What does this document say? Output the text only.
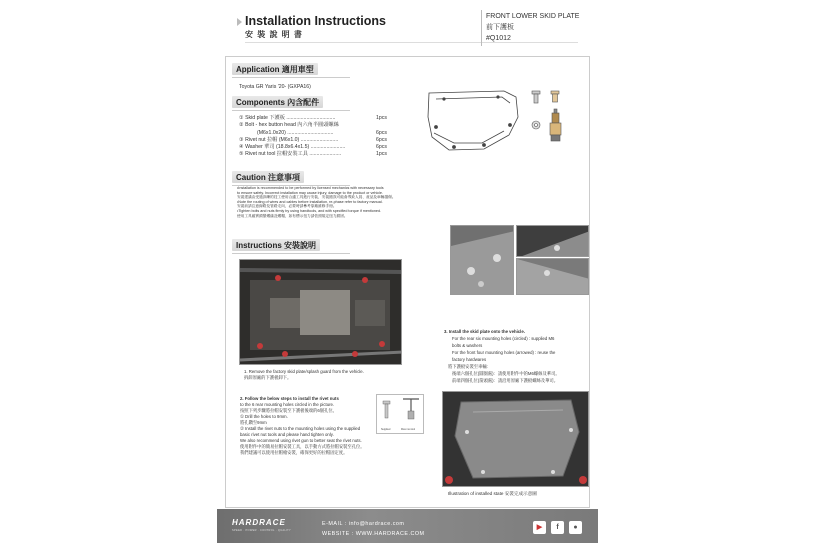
Installation Instructions
安 裝 說 明 書
FRONT LOWER SKID PLATE
前下護板
#Q1012
Application 適用車型
Toyota GR Yaris '20- (GXPA16)
Components 內含配件
① Skid plate 下護板 ..................................	1pcs
② Bolt - hex button head 內六角半圓頭螺絲
(M6x1.0x20) ................................	6pcs
③ Rivet nut 拉帽 (M6x1.0) ..........................	6pcs
④ Washer 華司 (18.8x6.4x1.5) ........................	6pcs
⑤ Rivet nut tool 拉帽安裝工具 ......................	1pcs
Caution 注意事項
•Installation is recommended to be performed by licensed mechanics with necessary tools
to ensure safety. Incorrect installation may cause injury, damage to the product or vehicle.
安裝建議由受過訓練的技工使用合適工具進行安裝，安裝錯誤可能會導致人員、產品及車輛損傷。
•Note the routing of wires and cables before installation, re-phase refer to factory manual.
安裝前請注意線路及管路走向，必要時請參考原廠維修手冊。
•Tighten bolts and nuts firmly by using handtools, and with specified torque if mentioned.
使用工具確實鎖緊螺絲及螺帽，如有標示扭力請依照規定扭力鎖固。
Instructions 安裝說明
1. Remove the factory skid plate/splash guard from the vehicle.
拆卸原廠的下護板卸下。
2. Follow the below steps to install the rivet nuts
to the 6 rear mounting holes circled in the picture.
按照下列步驟將拉帽安裝至下護板後端的6個孔位。
① Drill the holes to 9mm.
將孔鑽至9mm
② Install the rivet nuts to the mounting holes using the supplied
basic rivet nut tools and please hand tighten only.
We also recommend using rivet gun to better seat the rivet nuts.
使用附件中的簡易拉帽安裝工具，以手動方式將拉帽安裝至孔位。
我們建議可以使用拉帽槍安裝，確保更好的拉帽固定度。
Supplied	Rivet nut tool
3. Install the skid plate onto the vehicle.
For the rear six mounting holes (circled) : supplied M6
bolts & washers
For the front four mounting holes (arrowed) : reuse the
factory hardwares
將下護板安裝至車輛：
後端六個孔位(圓圈處)：請使用附件中的M6螺絲及華司。
前端四個孔位(箭頭處)：請沿用原廠下護板螺絲及華司。
Illustration of installed state 安裝完成示意圖
HARDRACE
SPEED · POWER · CONTROL · QUALITY
E-MAIL : info@hardrace.com
WEBSITE : WWW.HARDRACE.COM
▶	f	●
